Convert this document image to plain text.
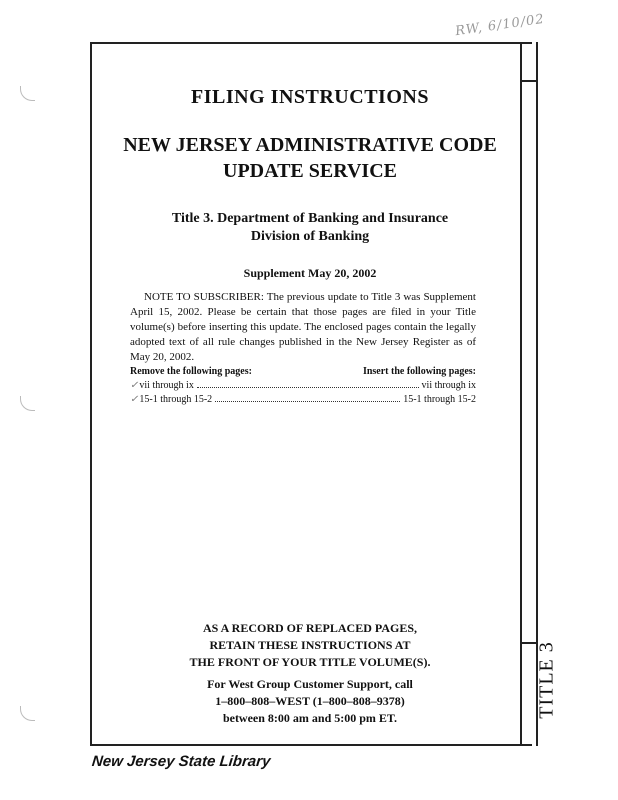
RW, 6/10/02
TITLE 3
FILING INSTRUCTIONS
NEW JERSEY ADMINISTRATIVE CODE
UPDATE SERVICE
Title 3. Department of Banking and Insurance
Division of Banking
Supplement May 20, 2002
NOTE TO SUBSCRIBER: The previous update to Title 3 was Supplement April 15, 2002. Please be certain that those pages are filed in your Title volume(s) before inserting this update. The enclosed pages contain the legally adopted text of all rule changes published in the New Jersey Register as of May 20, 2002.
Remove the following pages:	Insert the following pages:
✓ vii through ix	vii through ix
✓ 15-1 through 15-2	15-1 through 15-2
AS A RECORD OF REPLACED PAGES,
RETAIN THESE INSTRUCTIONS AT
THE FRONT OF YOUR TITLE VOLUME(S).
For West Group Customer Support, call
1–800–808–WEST (1–800–808–9378)
between 8:00 am and 5:00 pm ET.
New Jersey State Library
